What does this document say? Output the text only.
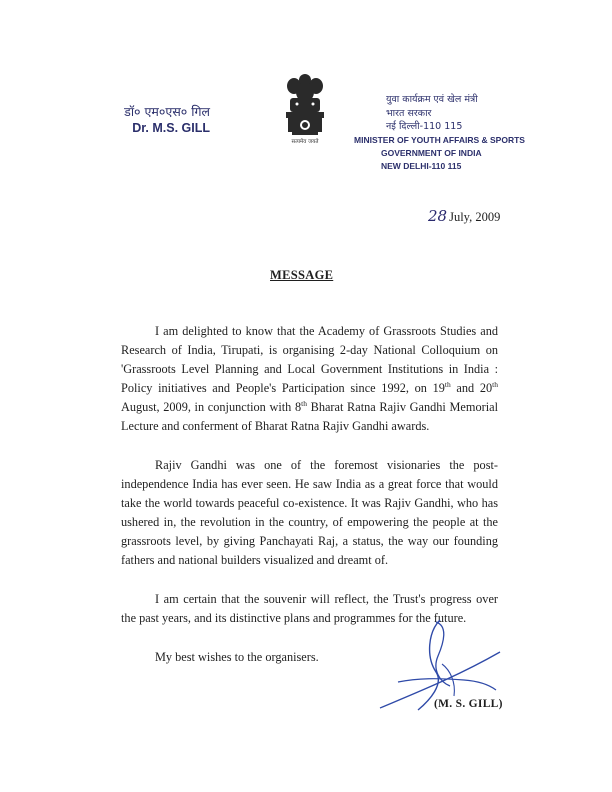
डॉ० एम०एस० गिल
Dr. M.S. GILL
सत्यमेव जयते
युवा कार्यक्रम एवं खेल मंत्री
भारत सरकार
नई दिल्ली-110 115
MINISTER OF YOUTH AFFAIRS & SPORTS
GOVERNMENT OF INDIA
NEW DELHI-110 115
28 July, 2009
MESSAGE

I am delighted to know that the Academy of Grassroots Studies and Research of India, Tirupati, is organising 2-day National Colloquium on 'Grassroots Level Planning and Local Government Institutions in India : Policy initiatives and People's Participation since 1992, on 19th and 20th August, 2009, in conjunction with 8th Bharat Ratna Rajiv Gandhi Memorial Lecture and conferment of Bharat Ratna Rajiv Gandhi awards.

Rajiv Gandhi was one of the foremost visionaries the post-independence India has ever seen. He saw India as a great force that would take the world towards peaceful co-existence. It was Rajiv Gandhi, who has ushered in, the revolution in the country, of empowering the people at the grassroots level, by giving Panchayati Raj, a status, the way our founding fathers and national builders visualized and dreamt of.

I am certain that the souvenir will reflect, the Trust's progress over the past years, and its distinctive plans and programmes for the future.

My best wishes to the organisers.

(M. S. GILL)
